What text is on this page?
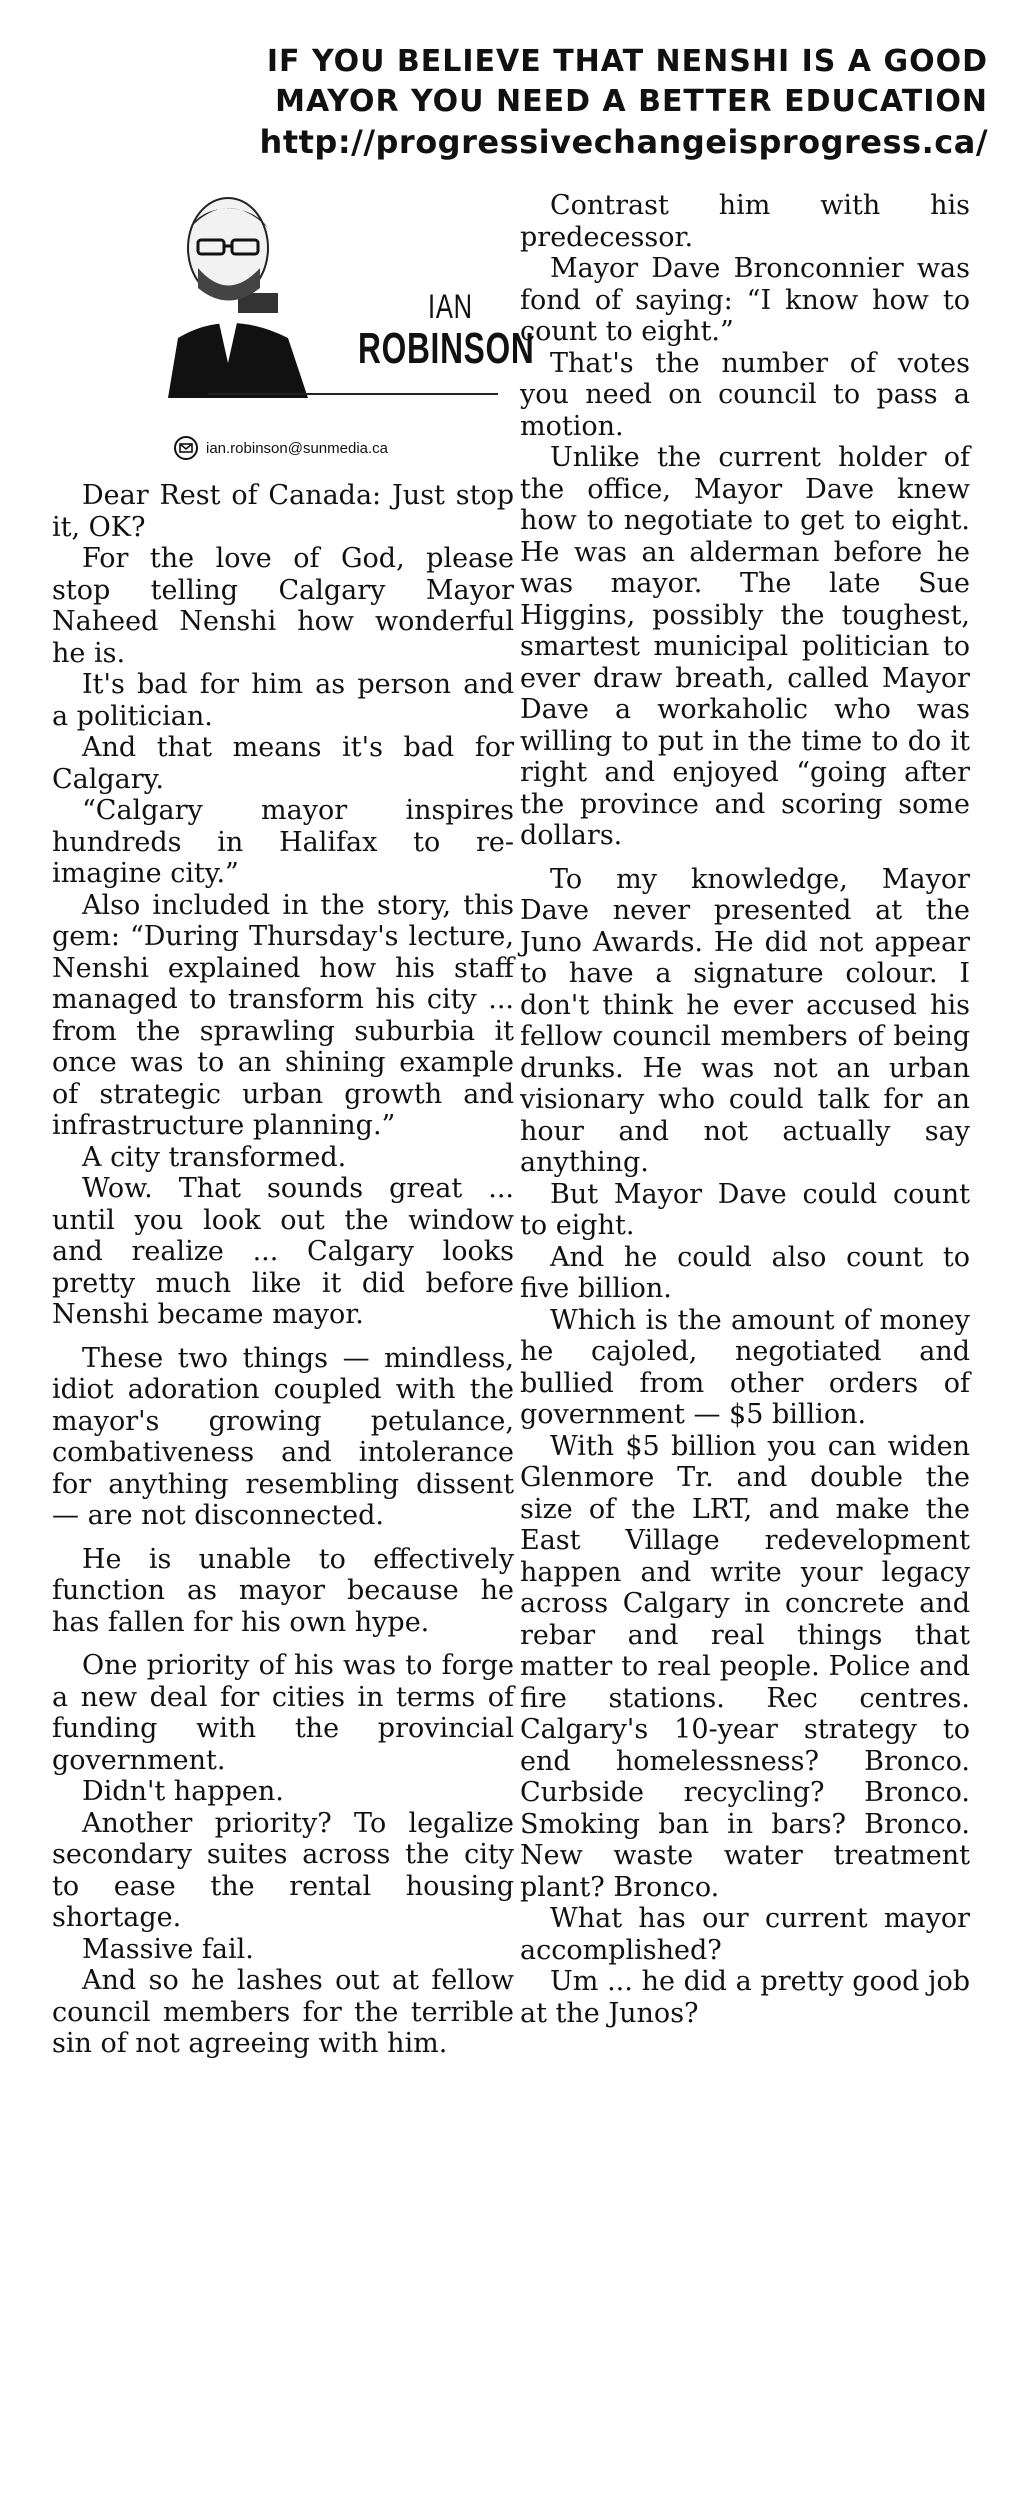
IF YOU BELIEVE THAT NENSHI IS A GOOD
MAYOR YOU NEED A BETTER EDUCATION
http://progressivechangeisprogress.ca/
IAN
ROBINSON
ian.robinson@sunmedia.ca

Dear Rest of Canada: Just stop it, OK?

For the love of God, please stop telling Calgary Mayor Naheed Nenshi how wonderful he is.

It's bad for him as person and a politician.

And that means it's bad for Calgary.

“Calgary mayor inspires hundreds in Halifax to re-imagine city.”

Also included in the story, this gem: “During Thursday's lecture, Nenshi explained how his staff managed to transform his city ... from the sprawling suburbia it once was to an shining example of strategic urban growth and infrastructure planning.”

A city transformed.

Wow. That sounds great ... until you look out the window and realize ... Calgary looks pretty much like it did before Nenshi became mayor.

These two things — mindless, idiot adoration coupled with the mayor's growing petulance, combativeness and intolerance for anything resembling dissent — are not disconnected.

He is unable to effectively function as mayor because he has fallen for his own hype.

One priority of his was to forge a new deal for cities in terms of funding with the provincial government.

Didn't happen.

Another priority? To legalize secondary suites across the city to ease the rental housing shortage.

Massive fail.

And so he lashes out at fellow council members for the terrible sin of not agreeing with him.

Contrast him with his predecessor.

Mayor Dave Bronconnier was fond of saying: “I know how to count to eight.”

That's the number of votes you need on council to pass a motion.

Unlike the current holder of the office, Mayor Dave knew how to negotiate to get to eight. He was an alderman before he was mayor. The late Sue Higgins, possibly the toughest, smartest municipal politician to ever draw breath, called Mayor Dave a workaholic who was willing to put in the time to do it right and enjoyed “going after the province and scoring some dollars.

To my knowledge, Mayor Dave never presented at the Juno Awards. He did not appear to have a signature colour. I don't think he ever accused his fellow council members of being drunks. He was not an urban visionary who could talk for an hour and not actually say anything.

But Mayor Dave could count to eight.

And he could also count to five billion.

Which is the amount of money he cajoled, negotiated and bullied from other orders of government — $5 billion.

With $5 billion you can widen Glenmore Tr. and double the size of the LRT, and make the East Village redevelopment happen and write your legacy across Calgary in concrete and rebar and real things that matter to real people. Police and fire stations. Rec centres. Calgary's 10-year strategy to end homelessness? Bronco. Curbside recycling? Bronco. Smoking ban in bars? Bronco. New waste water treatment plant? Bronco.

What has our current mayor accomplished?

Um ... he did a pretty good job at the Junos?
